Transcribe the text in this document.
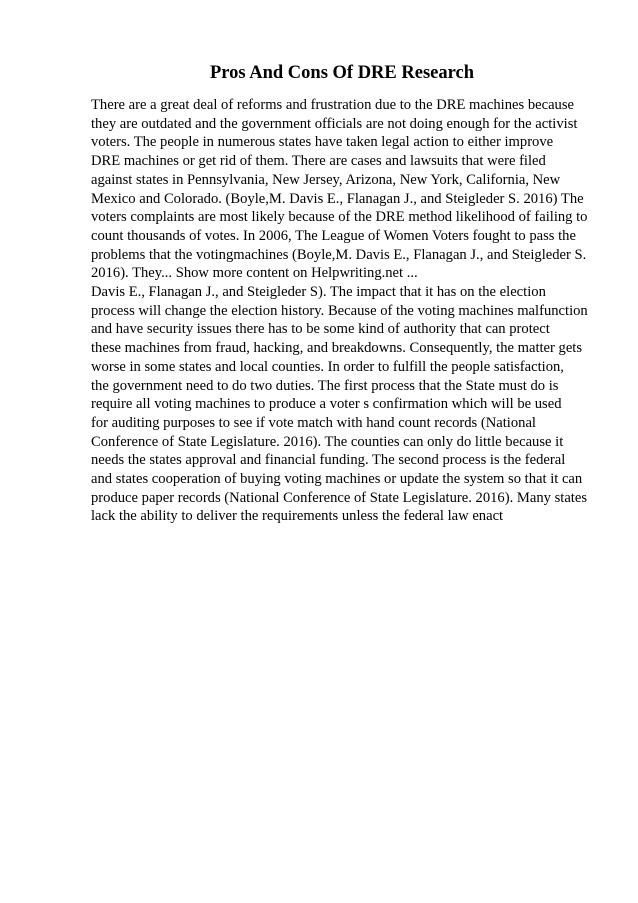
Pros And Cons Of DRE Research
There are a great deal of reforms and frustration due to the DRE machines because
they are outdated and the government officials are not doing enough for the activist
voters. The people in numerous states have taken legal action to either improve
DRE machines or get rid of them. There are cases and lawsuits that were filed
against states in Pennsylvania, New Jersey, Arizona, New York, California, New
Mexico and Colorado. (Boyle,M. Davis E., Flanagan J., and Steigleder S. 2016) The
voters complaints are most likely because of the DRE method likelihood of failing to
count thousands of votes. In 2006, The League of Women Voters fought to pass the
problems that the votingmachines (Boyle,M. Davis E., Flanagan J., and Steigleder S.
2016). They... Show more content on Helpwriting.net ...
Davis E., Flanagan J., and Steigleder S). The impact that it has on the election
process will change the election history. Because of the voting machines malfunction
and have security issues there has to be some kind of authority that can protect
these machines from fraud, hacking, and breakdowns. Consequently, the matter gets
worse in some states and local counties. In order to fulfill the people satisfaction,
the government need to do two duties. The first process that the State must do is
require all voting machines to produce a voter s confirmation which will be used
for auditing purposes to see if vote match with hand count records (National
Conference of State Legislature. 2016). The counties can only do little because it
needs the states approval and financial funding. The second process is the federal
and states cooperation of buying voting machines or update the system so that it can
produce paper records (National Conference of State Legislature. 2016). Many states
lack the ability to deliver the requirements unless the federal law enact
